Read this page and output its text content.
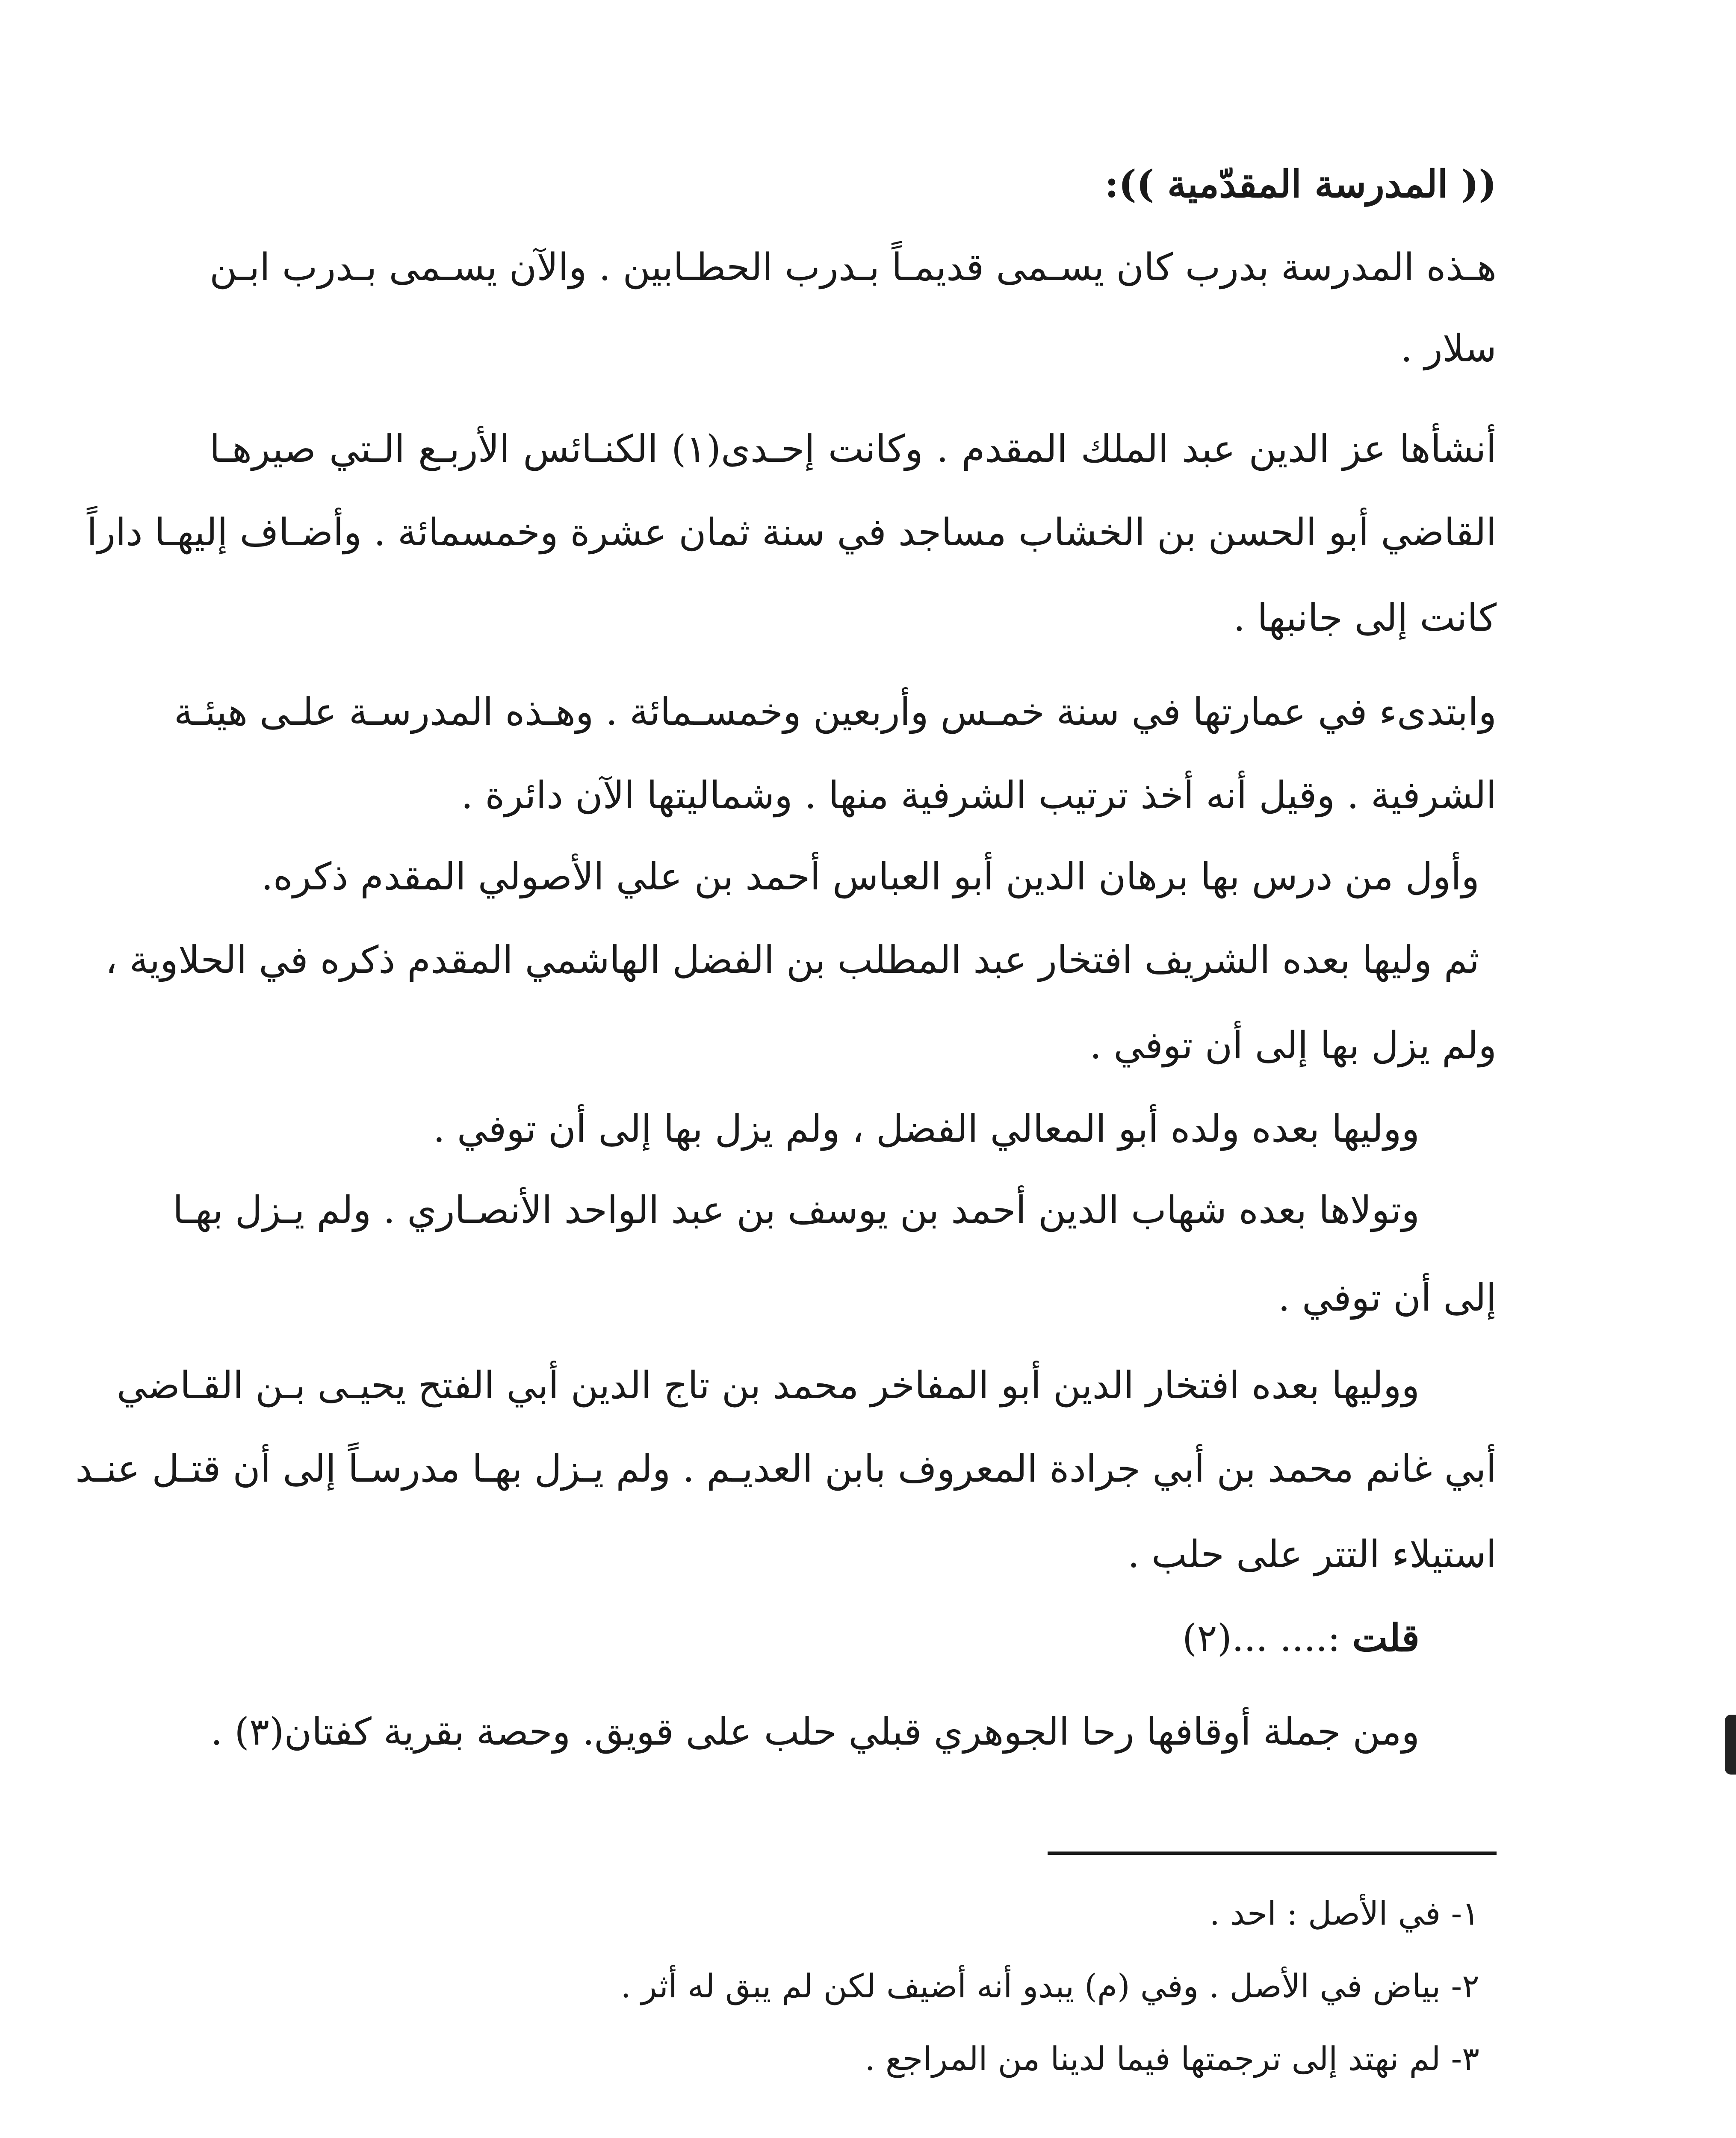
(( المدرسة المقدّمية )):
هـذه المدرسة بدرب كان يسـمى قديمـاً بـدرب الحطـابين . والآن يسـمى بـدرب ابـن
سلار .
أنشأها عز الدين عبد الملك المقدم . وكانت إحـدى(١) الكنـائس الأربـع الـتي صيرهـا
القاضي أبو الحسن بن الخشاب مساجد في سنة ثمان عشرة وخمسمائة . وأضـاف إليهـا داراً
كانت إلى جانبها .
وابتدىء في عمارتها في سنة خمـس وأربعين وخمسـمائة . وهـذه المدرسـة علـى هيئـة
الشرفية . وقيل أنه أخذ ترتيب الشرفية منها . وشماليتها الآن دائرة .
وأول من درس بها برهان الدين أبو العباس أحمد بن علي الأصولي المقدم ذكره.
ثم وليها بعده الشريف افتخار عبد المطلب بن الفضل الهاشمي المقدم ذكره في الحلاوية ،
ولم يزل بها إلى أن توفي .
ووليها بعده ولده أبو المعالي الفضل ، ولم يزل بها إلى أن توفي .
وتولاها بعده شهاب الدين أحمد بن يوسف بن عبد الواحد الأنصـاري . ولم يـزل بهـا
إلى أن توفي .
ووليها بعده افتخار الدين أبو المفاخر محمد بن تاج الدين أبي الفتح يحيـى بـن القـاضي
أبي غانم محمد بن أبي جرادة المعروف بابن العديـم . ولم يـزل بهـا مدرسـاً إلى أن قتـل عنـد
استيلاء التتر على حلب .
قلت :.... ...(٢)
ومن جملة أوقافها رحا الجوهري قبلي حلب على قويق. وحصة بقرية كفتان(٣) .
١- في الأصل : احد .
٢- بياض في الأصل . وفي (م) يبدو أنه أضيف لكن لم يبق له أثر .
٣- لم نهتد إلى ترجمتها فيما لدينا من المراجع .
